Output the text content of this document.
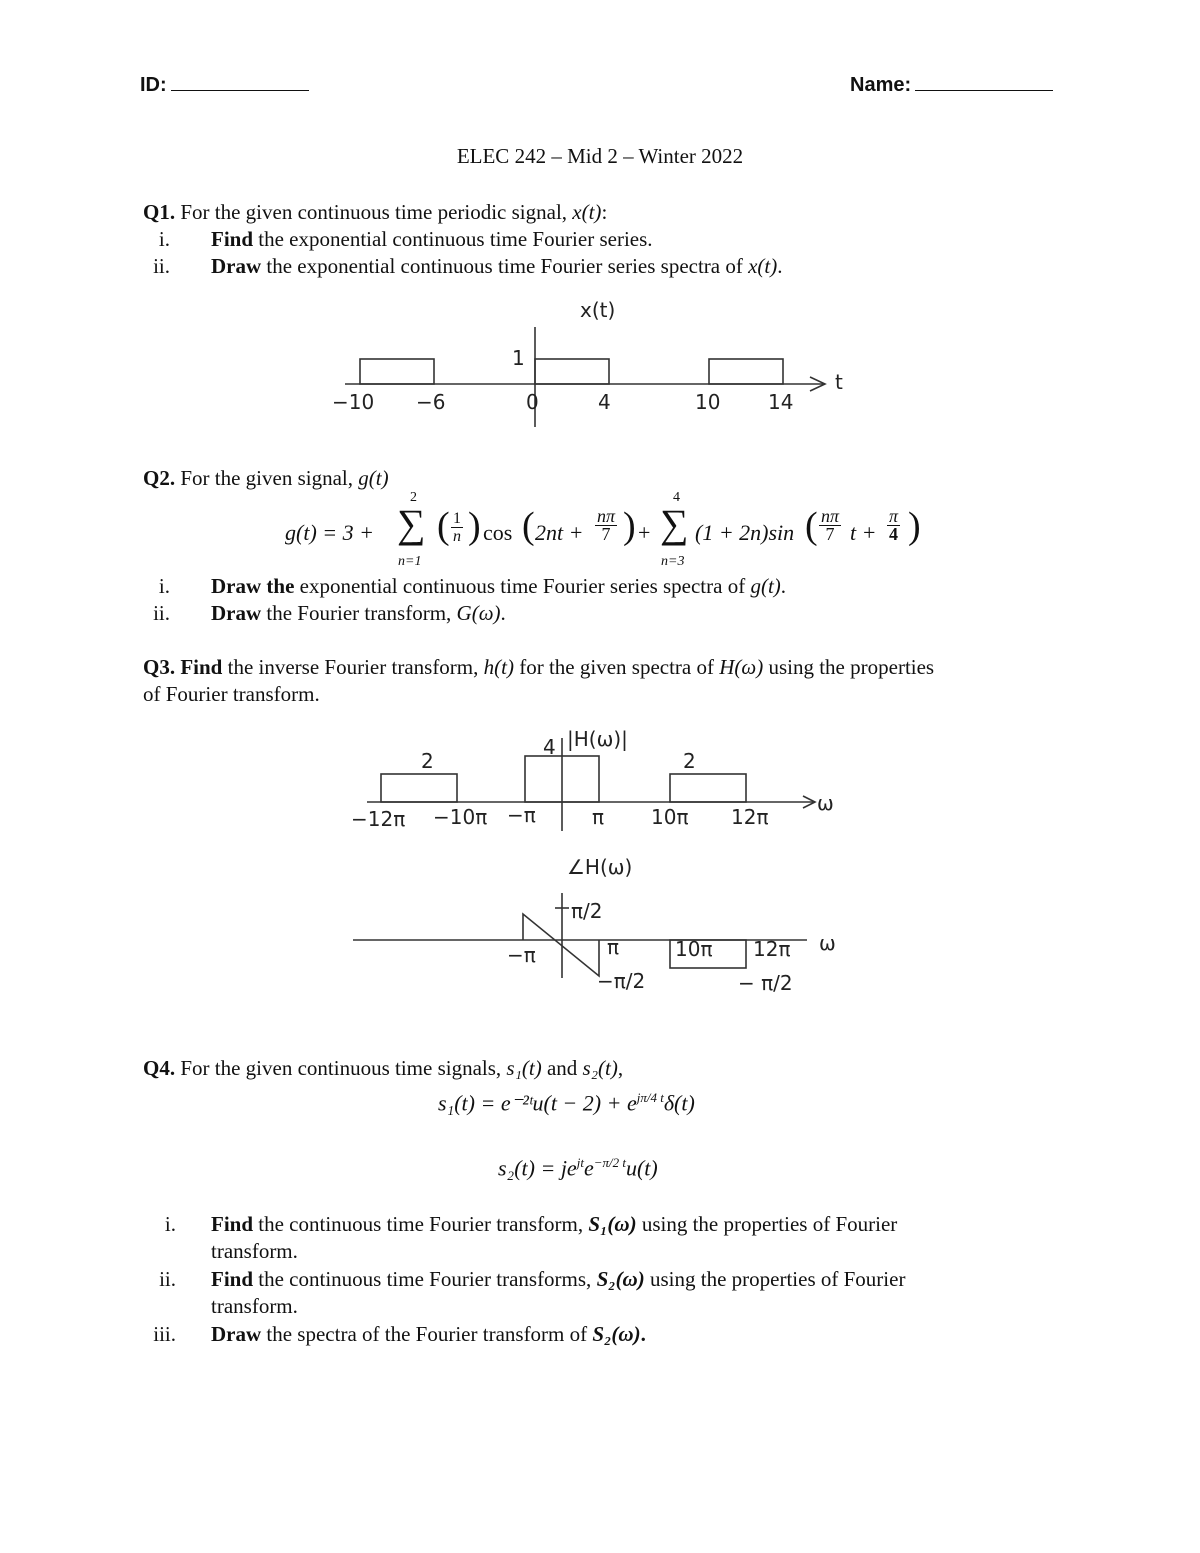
ID:	Name:
ELEC 242 – Mid 2 – Winter 2022
Q1. For the given continuous time periodic signal, x(t):
i. Find the exponential continuous time Fourier series.
ii. Draw the exponential continuous time Fourier series spectra of x(t).
x(t)
t
1
−10 −6	0	4	10 14
Q2. For the given signal, g(t)
g(t) = 3 +
2
∑
n=1
( $\frac{1}{n}$ ) cos ( $2nt + \frac{n\pi}{7}$ ) +
4
∑
n=3
(1 + 2n)sin ( $\frac{n\pi}{7}$ $t + \frac{\pi}{4}$ )
i. Draw the exponential continuous time Fourier series spectra of g(t).
ii. Draw the Fourier transform, G(ω).
Q3. Find the inverse Fourier transform, h(t) for the given spectra of H(ω) using the properties
of Fourier transform.
|H(ω)|
ω
2
4
2
−12π −10π −π	π 10π 12π
∠H(ω)
ω
π/2
−π/2	− π/2
−π	π	10π 12π
Q4. For the given continuous time signals, s₁(t) and s₂(t),
s₁(t) = e⁻²ᵗu(t − $2) + e^{j\pi/4 t}\delta(t)$
$s_2(t) = je^{jt}e^{-\pi/2 t}u(t)$
i. Find the continuous time Fourier transform, S₁(ω) using the properties of Fourier
transform.
ii. Find the continuous time Fourier transforms, S₂(ω) using the properties of Fourier
transform.
iii. Draw the spectra of the Fourier transform of S₂(ω).
